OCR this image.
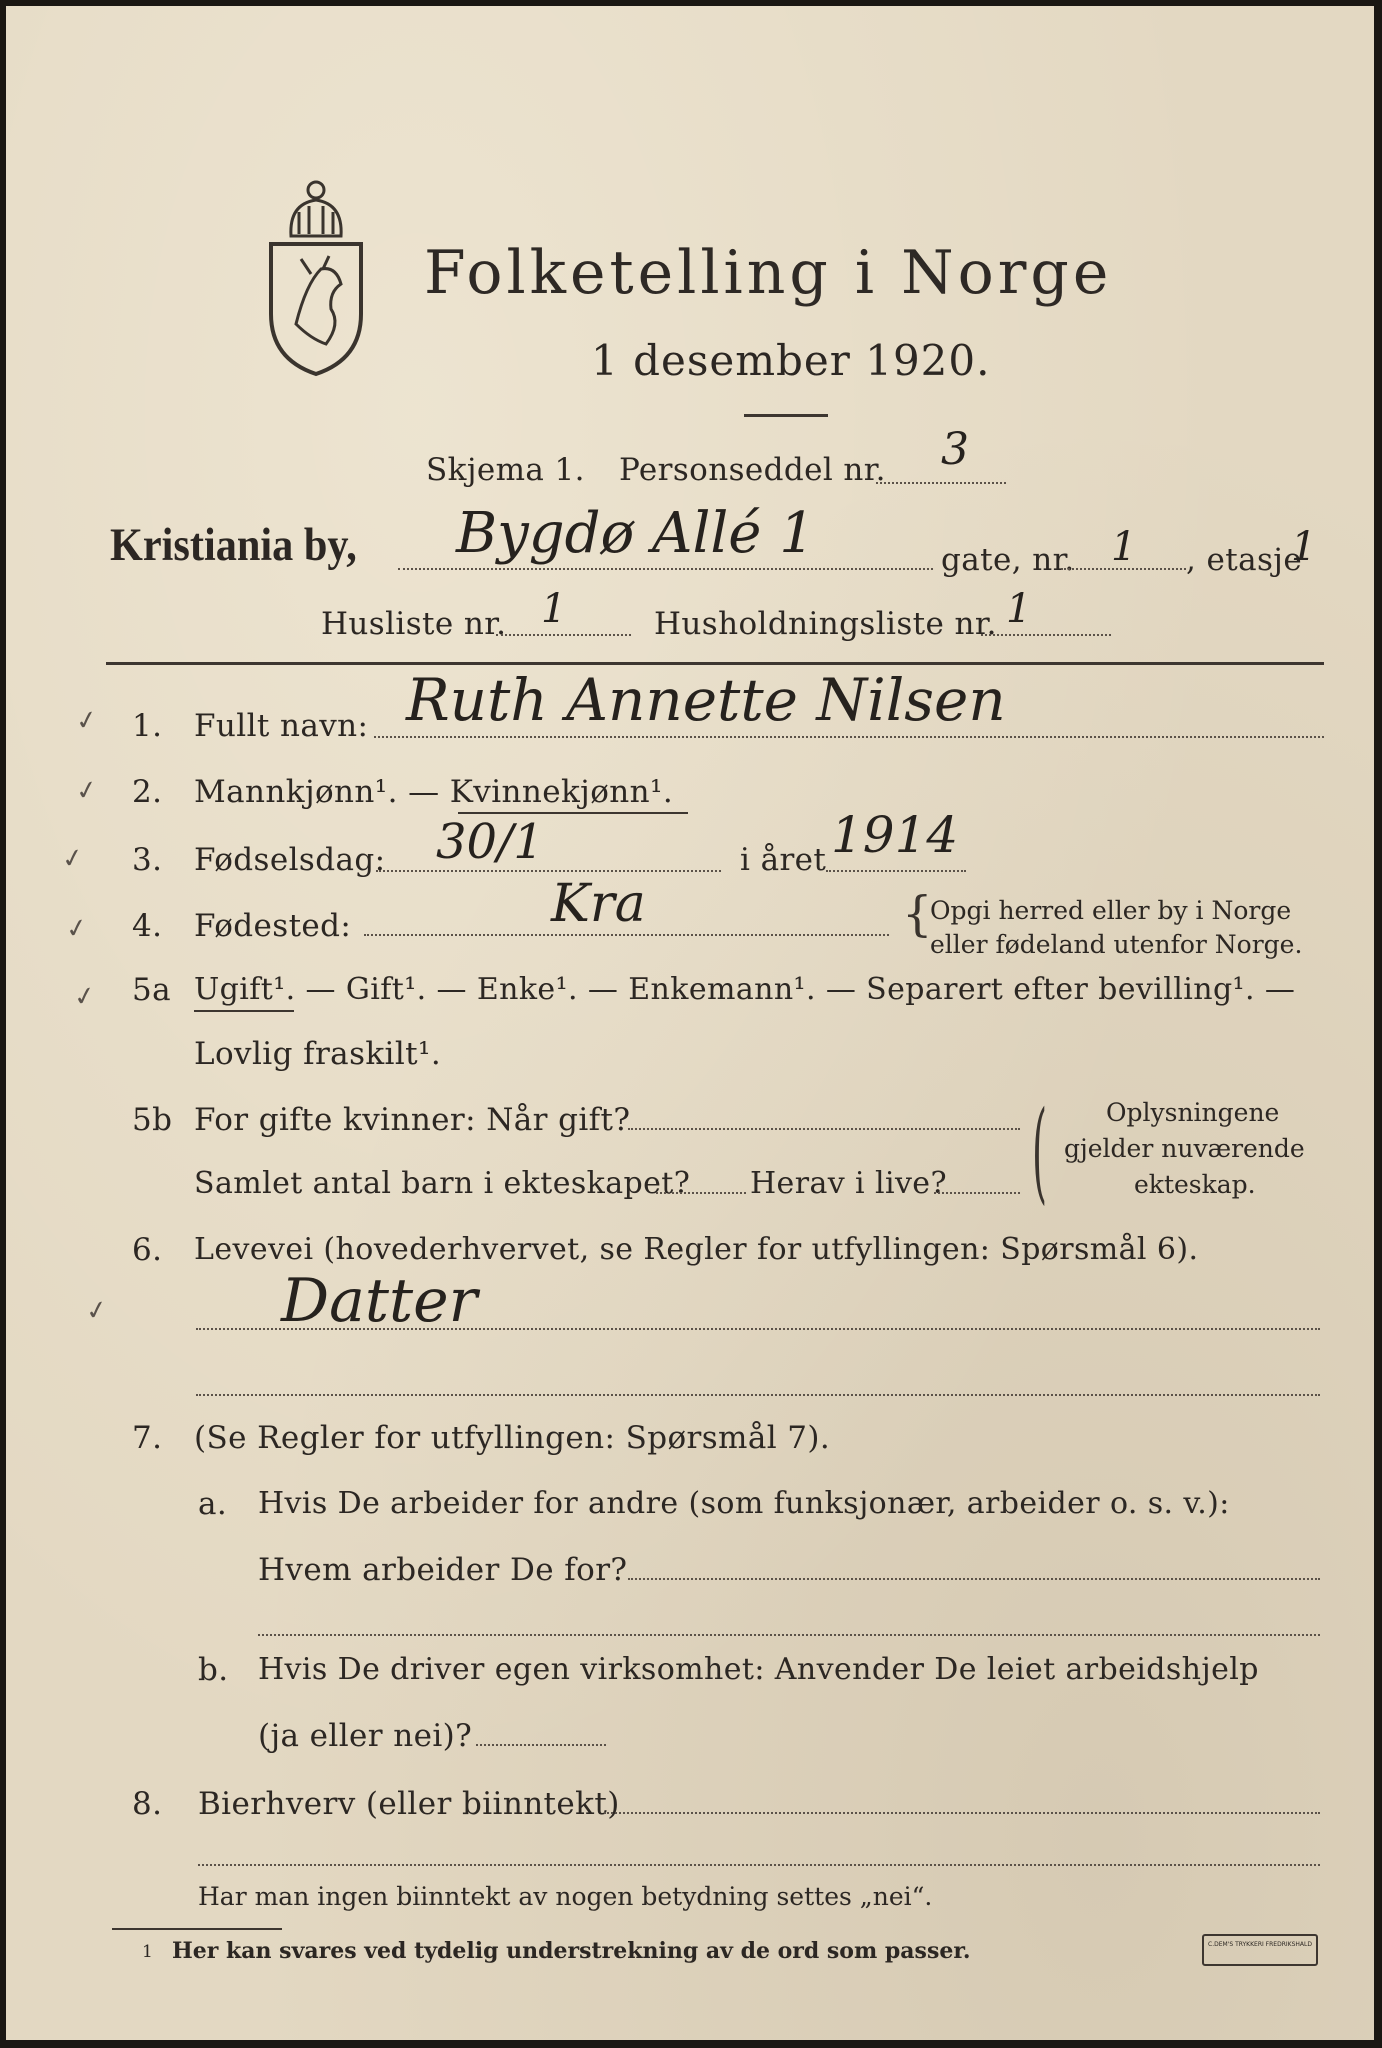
Folketelling i Norge
1 desember 1920.
Skjema 1. Personseddel nr. 3
Kristiania by, Bygdø Allé 1	gate, nr. 1 , etasje
1
Husliste nr. 1	Husholdningsliste nr. 1
✓
✓
✓
✓
✓
✓
1. Fullt navn: Ruth Annette Nilsen
2. Mannkjønn¹. — Kvinnekjønn¹.
3. Fødselsdag: 30/1	i året 1914
4. Fødested:	Kra	{
Opgi herred eller by i Norge
eller fødeland utenfor Norge.
5a Ugift¹. — Gift¹. — Enke¹. — Enkemann¹. — Separert efter bevilling¹. —
Lovlig fraskilt¹.
5b For gifte kvinner: Når gift?
Samlet antal barn i ekteskapet? Herav i live? ( Oplysningene
gjelder nuværende
ekteskap.
6. Levevei (hovederhvervet, se Regler for utfyllingen: Spørsmål 6).
Datter
7. (Se Regler for utfyllingen: Spørsmål 7).
a. Hvis De arbeider for andre (som funksjonær, arbeider o. s. v.):
Hvem arbeider De for?
b. Hvis De driver egen virksomhet: Anvender De leiet arbeidshjelp
(ja eller nei)?
8. Bierhverv (eller biinntekt)
Har man ingen biinntekt av nogen betydning settes „nei“.
1 Her kan svares ved tydelig understrekning av de ord som passer.	C.DEM'S TRYKKERI FREDRIKSHALD
